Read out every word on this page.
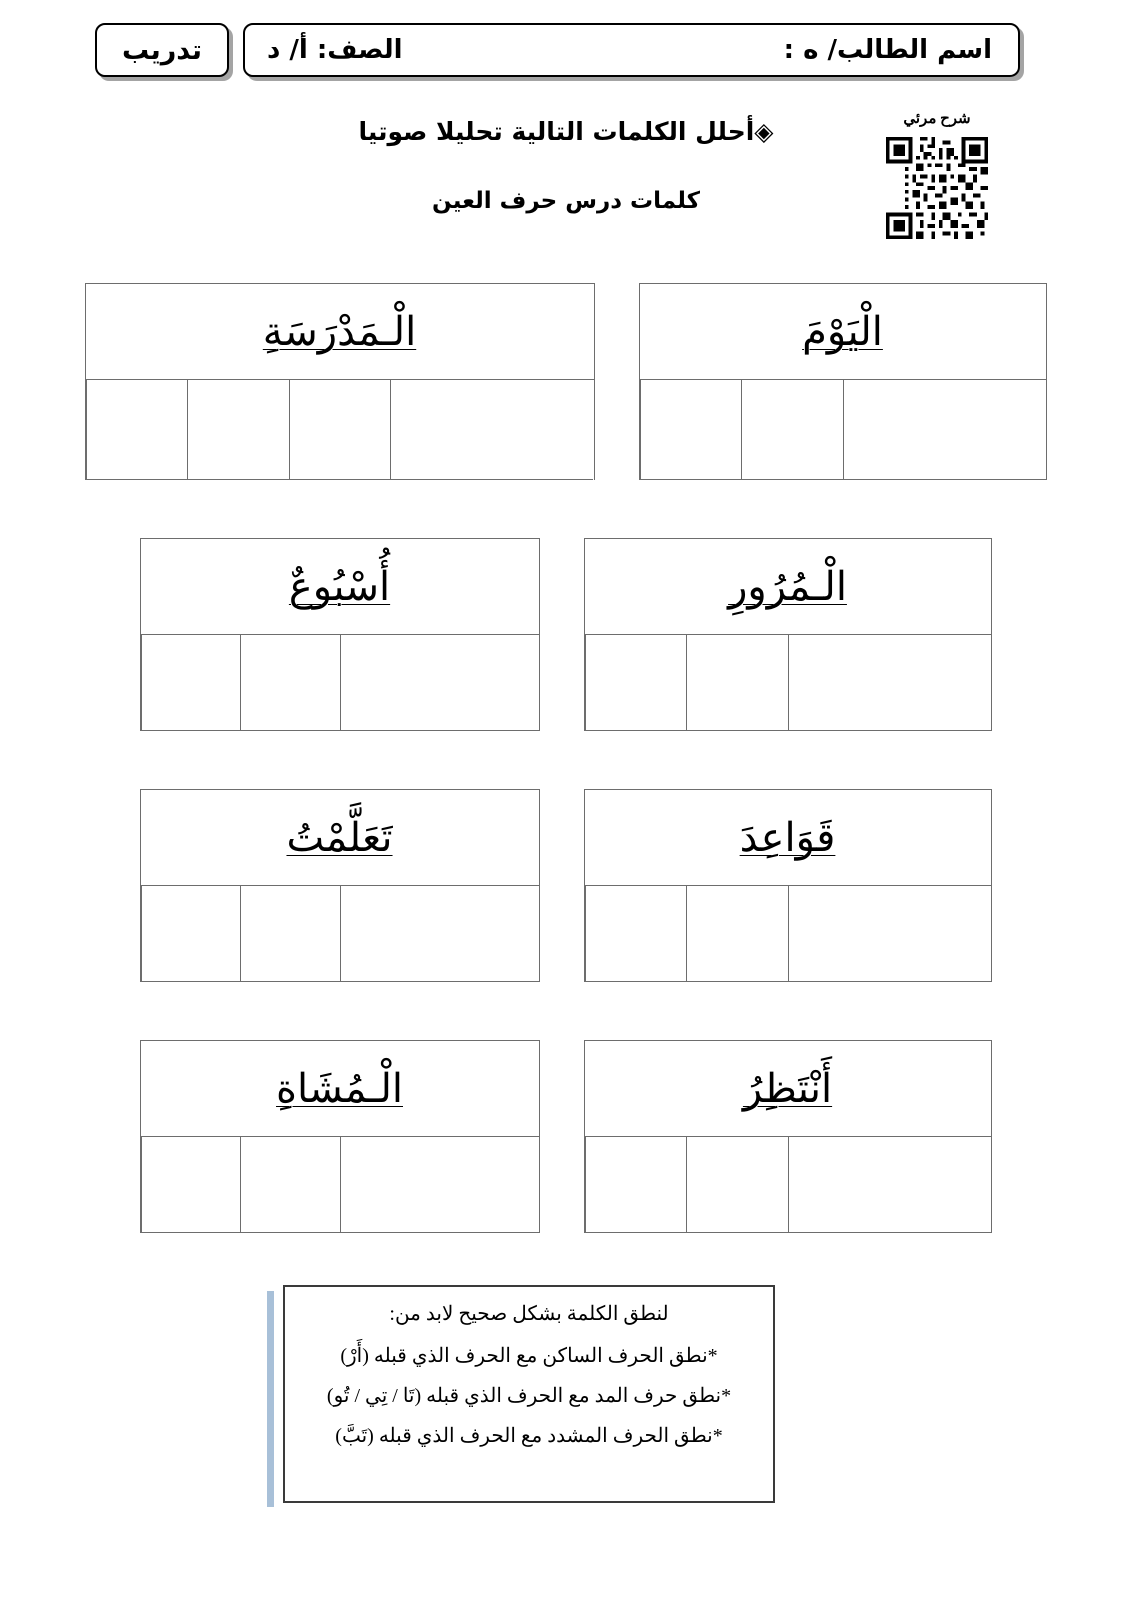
تدريب	اسم الطالب/ ه :
الصف: أ/ د
شرح مرئي
◈أحلل الكلمات التالية تحليلا صوتيا
كلمات درس حرف العين
الْـمَدْرَسَةِ	الْيَوْمَ
أُسْبُوعٌ	الْـمُرُورِ
تَعَلَّمْتُ	قَوَاعِدَ
الْـمُشَاةِ	أَنْتَظِرُ
لنطق الكلمة بشكل صحيح لابد من:
*نطق الحرف الساكن مع الحرف الذي قبله (أَرْ)
*نطق حرف المد مع الحرف الذي قبله (تَا / تِي / تُو)
*نطق الحرف المشدد مع الحرف الذي قبله (تَبَّ)
